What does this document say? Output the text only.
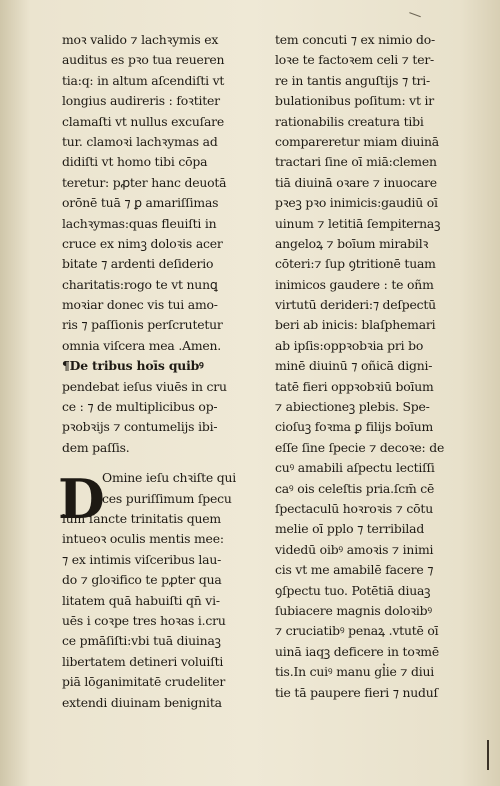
moꝛ valido ⁊ lachꝛymis ex
auditus es pꝛo tua reueren
tia:q: in altum aſcendiſti vt
longius audireris : foꝛtiter
clamaſti vt nullus excuſare
tur. clamoꝛi lachꝛymas ad
didiſti vt homo tibi cōpa
teretur: pꝓter hanc deuotā
orōnē tuā ⁊ ꝑ amariſſimas
lachꝛymas:quas fleuiſti in
cruce ex nimꝫ doloꝛis acer
bitate ⁊ ardenti deſiderio
charitatis:rogo te vt nunꝗ
moꝛiar donec vis tui amo-
ris ⁊ paſſionis perſcrutetur
omnia viſcera mea .Amen.
¶De tribus hoīs quibꝰ
pendebat ieſus viuēs in cru
ce : ⁊ de multiplicibus op-
pꝛobꝛijs ⁊ contumelijs ibi-
dem paſſis.
D
Omine ieſu chꝛiſte qui
ces puriſſimum ſpecu
lum ſancte trinitatis quem
intueoꝛ oculis mentis mee:
⁊ ex intimis viſceribus lau-
do ⁊ gloꝛifico te pꝓter qua
litatem quā habuiſti qn̄ vi-
uēs i coꝛpe tres hoꝛas i.cru
ce pmāſiſti:vbi tuā diuinaꝫ
libertatem detineri voluiſti
piā lōganimitatē crudeliter
extendi diuinam benignita
tem concuti ⁊ ex nimio do-
loꝛe te factoꝛem celi ⁊ ter-
re in tantis anguſtijs ⁊ tri-
bulationibus poſitum: vt ir
rationabilis creatura tibi
compareretur miam diuinā
tractari ſine oī miā:clemen
tiā diuinā oꝛare ⁊ inuocare
pꝛeꝫ pꝛo inimicis:gaudiū oī
uinum ⁊ letitiā ſempiternaꝫ
angeloꝝ ⁊ boīum mirabilꝛ
cōteri:⁊ ſup ꝯtritionē tuam
inimicos gaudere : te oñm
virtutū derideri:⁊ deſpectū
beri ab inicis: blaſphemari
ab ipſis:oppꝛobꝛia pri bo
minē diuinū ⁊ oñicā digni-
tatē fieri oppꝛobꝛiū boīum
⁊ abiectioneꝫ plebis. Spe-
cioſuꝫ foꝛma ꝑ filijs boīum
eſſe ſine ſpecie ⁊ decoꝛe: de
cuꝰ amabili aſpectu lectiſſi
caꝰ ois celeſtis pria.ſcm̄ cē
ſpectaculū hoꝛroꝛis ⁊ cōtu
melie oī pplo ⁊ terribilad
videdū oibꝰ amoꝛis ⁊ inimi
cis vt me amabilē facere ⁊
ꝯſpectu tuo. Potētiā diuaꝫ
ſubiacere magnis doloꝛibꝰ
⁊ cruciatibꝰ penaꝝ .vtutē oī
uinā iaqꝫ deficere in toꝛmē
tis.In cuiꝰ manu gl̓ie ⁊ diui
tie tā paupere fieri ⁊ nuduſ
